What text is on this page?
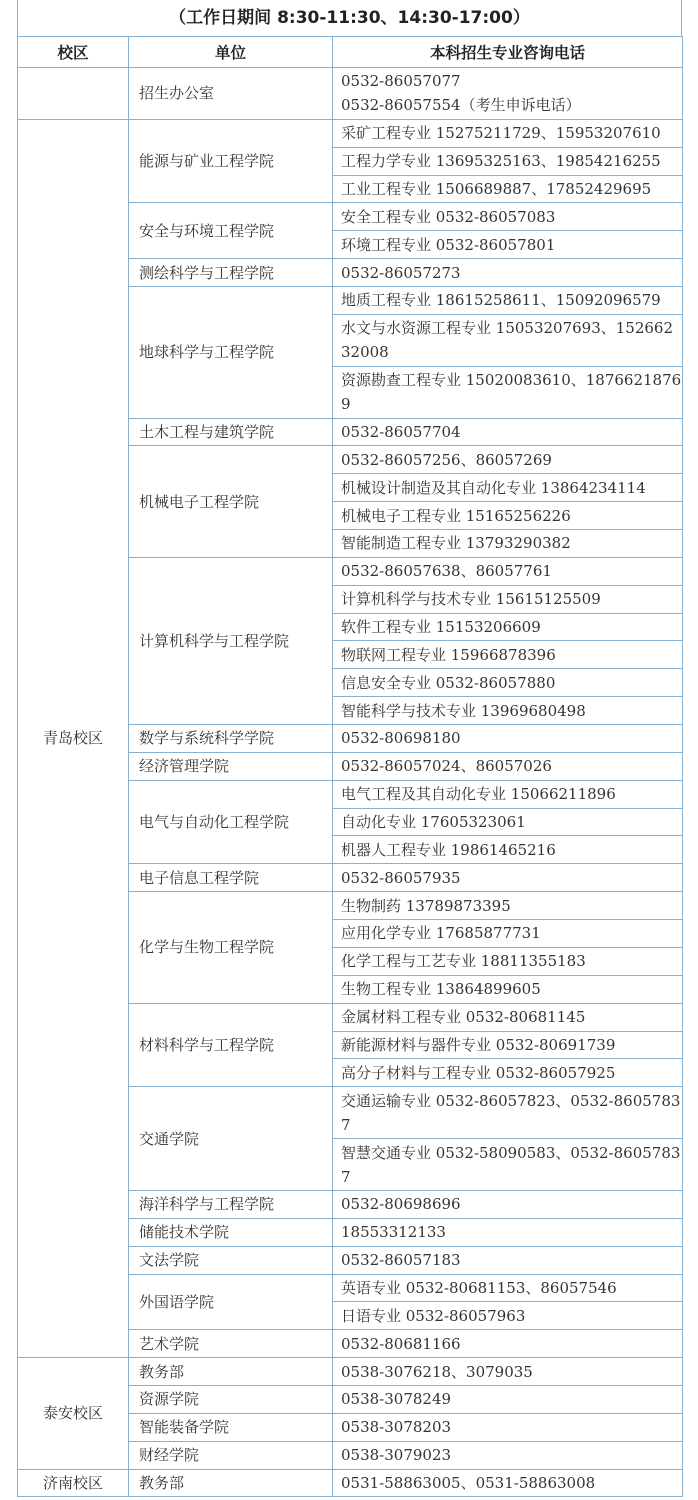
（工作日期间 8:30-11:30、14:30-17:00）
校区	单位	本科招生专业咨询电话
	招生办公室	0532-86057077
0532-86057554（考生申诉电话）
青岛校区	能源与矿业工程学院	采矿工程专业 15275211729、15953207610
		工程力学专业 13695325163、19854216255
		工业工程专业 1506689887、17852429695
	安全与环境工程学院	安全工程专业 0532-86057083
		环境工程专业 0532-86057801
	测绘科学与工程学院	0532-86057273
	地球科学与工程学院	地质工程专业 18615258611、15092096579
		水文与水资源工程专业 15053207693、15266232008
		资源勘查工程专业 15020083610、18766218769
	土木工程与建筑学院	0532-86057704
	机械电子工程学院	0532-86057256、86057269
		机械设计制造及其自动化专业 13864234114
		机械电子工程专业 15165256226
		智能制造工程专业 13793290382
	计算机科学与工程学院	0532-86057638、86057761
		计算机科学与技术专业 15615125509
		软件工程专业 15153206609
		物联网工程专业 15966878396
		信息安全专业 0532-86057880
		智能科学与技术专业 13969680498
	数学与系统科学学院	0532-80698180
	经济管理学院	0532-86057024、86057026
	电气与自动化工程学院	电气工程及其自动化专业 15066211896
		自动化专业 17605323061
		机器人工程专业 19861465216
	电子信息工程学院	0532-86057935
	化学与生物工程学院	生物制药 13789873395
		应用化学专业 17685877731
		化学工程与工艺专业 18811355183
		生物工程专业 13864899605
	材料科学与工程学院	金属材料工程专业 0532-80681145
		新能源材料与器件专业 0532-80691739
		高分子材料与工程专业 0532-86057925
	交通学院	交通运输专业 0532-86057823、0532-86057837
		智慧交通专业 0532-58090583、0532-86057837
	海洋科学与工程学院	0532-80698696
	储能技术学院	18553312133
	文法学院	0532-86057183
	外国语学院	英语专业 0532-80681153、86057546
		日语专业 0532-86057963
	艺术学院	0532-80681166
泰安校区	教务部	0538-3076218、3079035
	资源学院	0538-3078249
	智能装备学院	0538-3078203
	财经学院	0538-3079023
济南校区	教务部	0531-58863005、0531-58863008
